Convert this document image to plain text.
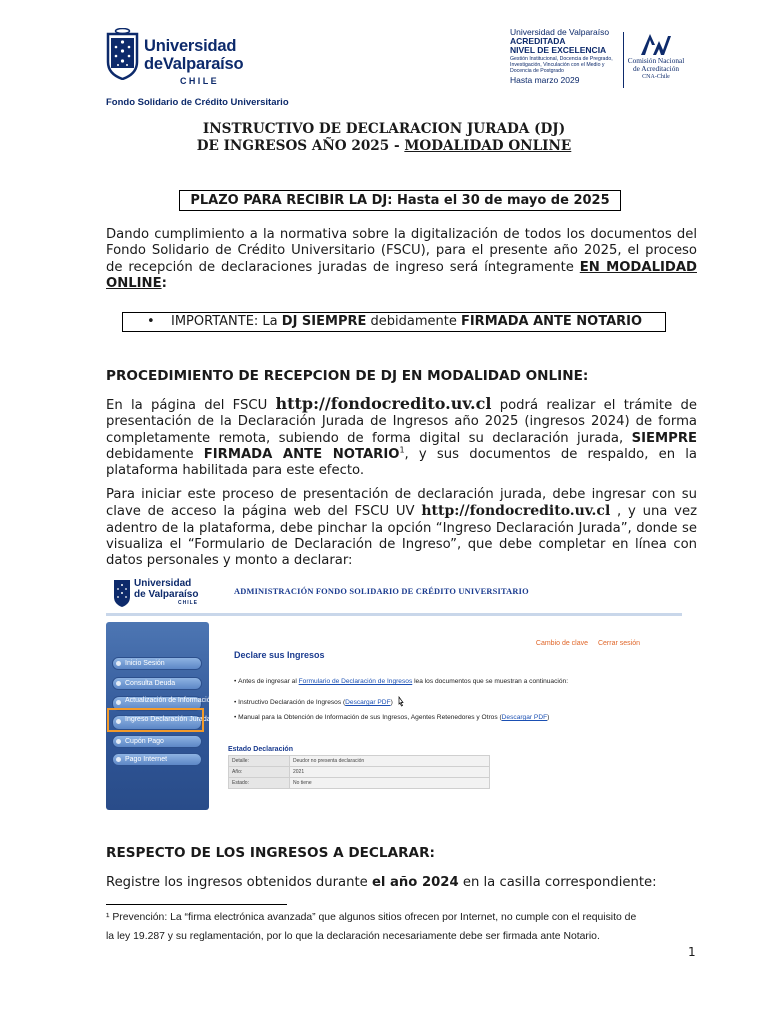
Universidad
deValparaíso
CHILE
Fondo Solidario de Crédito Universitario
Universidad de Valparaíso
ACREDITADA
NIVEL DE EXCELENCIA
Gestión Institucional, Docencia de Pregrado, Investigación, Vinculación con el Medio y Docencia de Postgrado
Hasta marzo 2029
Comisión Nacional
de Acreditación
CNA-Chile
INSTRUCTIVO DE DECLARACION JURADA (DJ)
DE INGRESOS AÑO 2025 - MODALIDAD ONLINE
PLAZO PARA RECIBIR LA DJ: Hasta el 30 de mayo de 2025
Dando cumplimiento a la normativa sobre la digitalización de todos los documentos del Fondo Solidario de Crédito Universitario (FSCU), para el presente año 2025, el proceso de recepción de declaraciones juradas de ingreso será íntegramente EN MODALIDAD ONLINE:
• IMPORTANTE: La DJ SIEMPRE debidamente FIRMADA ANTE NOTARIO
PROCEDIMIENTO DE RECEPCION DE DJ EN MODALIDAD ONLINE:
En la página del FSCU http://fondocredito.uv.cl podrá realizar el trámite de presentación de la Declaración Jurada de Ingresos año 2025 (ingresos 2024) de forma completamente remota, subiendo de forma digital su declaración jurada, SIEMPRE debidamente FIRMADA ANTE NOTARIO$^1$, y sus documentos de respaldo, en la plataforma habilitada para este efecto.
Para iniciar este proceso de presentación de declaración jurada, debe ingresar con su clave de acceso la página web del FSCU UV http://fondocredito.uv.cl , y una vez adentro de la plataforma, debe pinchar la opción “Ingreso Declaración Jurada”, donde se visualiza el “Formulario de Declaración de Ingreso”, que debe completar en línea con datos personales y monto a declarar:
Universidad
de Valparaíso
CHILE
ADMINISTRACIÓN FONDO SOLIDARIO DE CRÉDITO UNIVERSITARIO
Inicio Sesión
Consulta Deuda
Actualización de Información
Ingreso Declaración Jurada
Cupón Pago
Pago Internet
Cambio de clave Cerrar sesión
Declare sus Ingresos
• Antes de ingresar al Formulario de Declaración de Ingresos lea los documentos que se muestran a continuación:
• Instructivo Declaración de Ingresos (Descargar PDF)
• Manual para la Obtención de Información de sus Ingresos, Agentes Retenedores y Otros (Descargar PDF)
Estado Declaración
Detalle:	Deudor no presenta declaración
Año:	2021
Estado:	No tiene
RESPECTO DE LOS INGRESOS A DECLARAR:
Registre los ingresos obtenidos durante el año 2024 en la casilla correspondiente:
¹ Prevención: La “firma electrónica avanzada” que algunos sitios ofrecen por Internet, no cumple con el requisito de
la ley 19.287 y su reglamentación, por lo que la declaración necesariamente debe ser firmada ante Notario.
1
